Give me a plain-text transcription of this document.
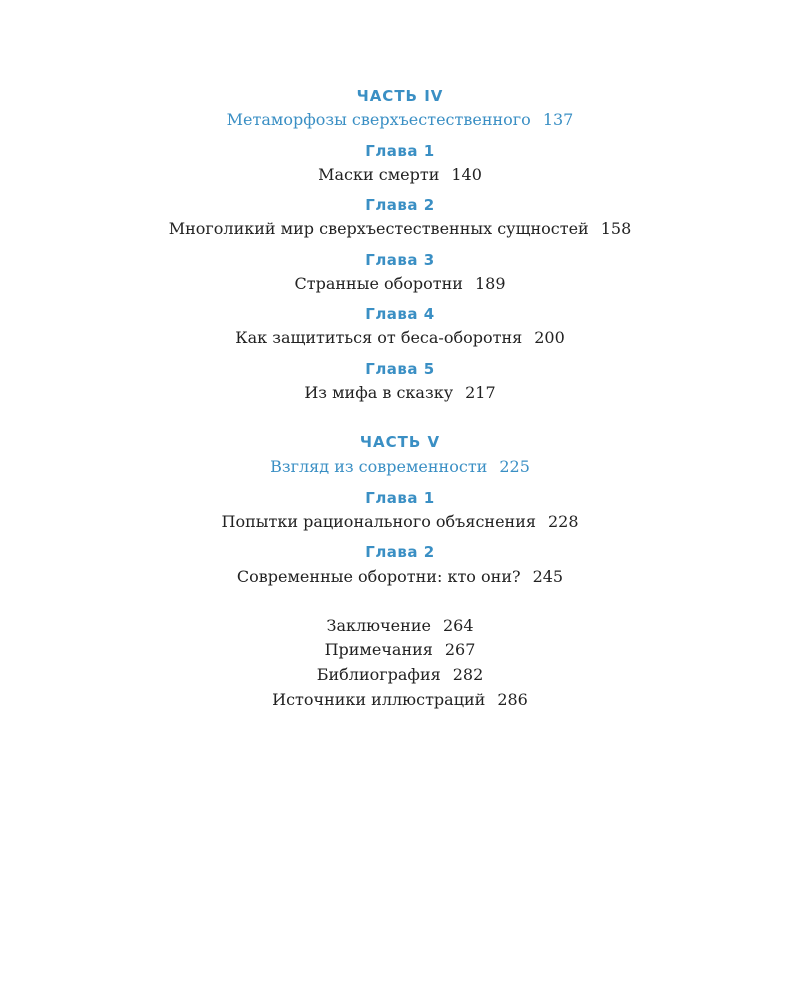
ЧАСТЬ IV
Метаморфозы сверхъестественного 137
Глава 1
Маски смерти 140
Глава 2
Многоликий мир сверхъестественных сущностей 158
Глава 3
Странные оборотни 189
Глава 4
Как защититься от беса-оборотня 200
Глава 5
Из мифа в сказку 217
ЧАСТЬ V
Взгляд из современности 225
Глава 1
Попытки рационального объяснения 228
Глава 2
Современные оборотни: кто они? 245
Заключение 264
Примечания 267
Библиография 282
Источники иллюстраций 286
